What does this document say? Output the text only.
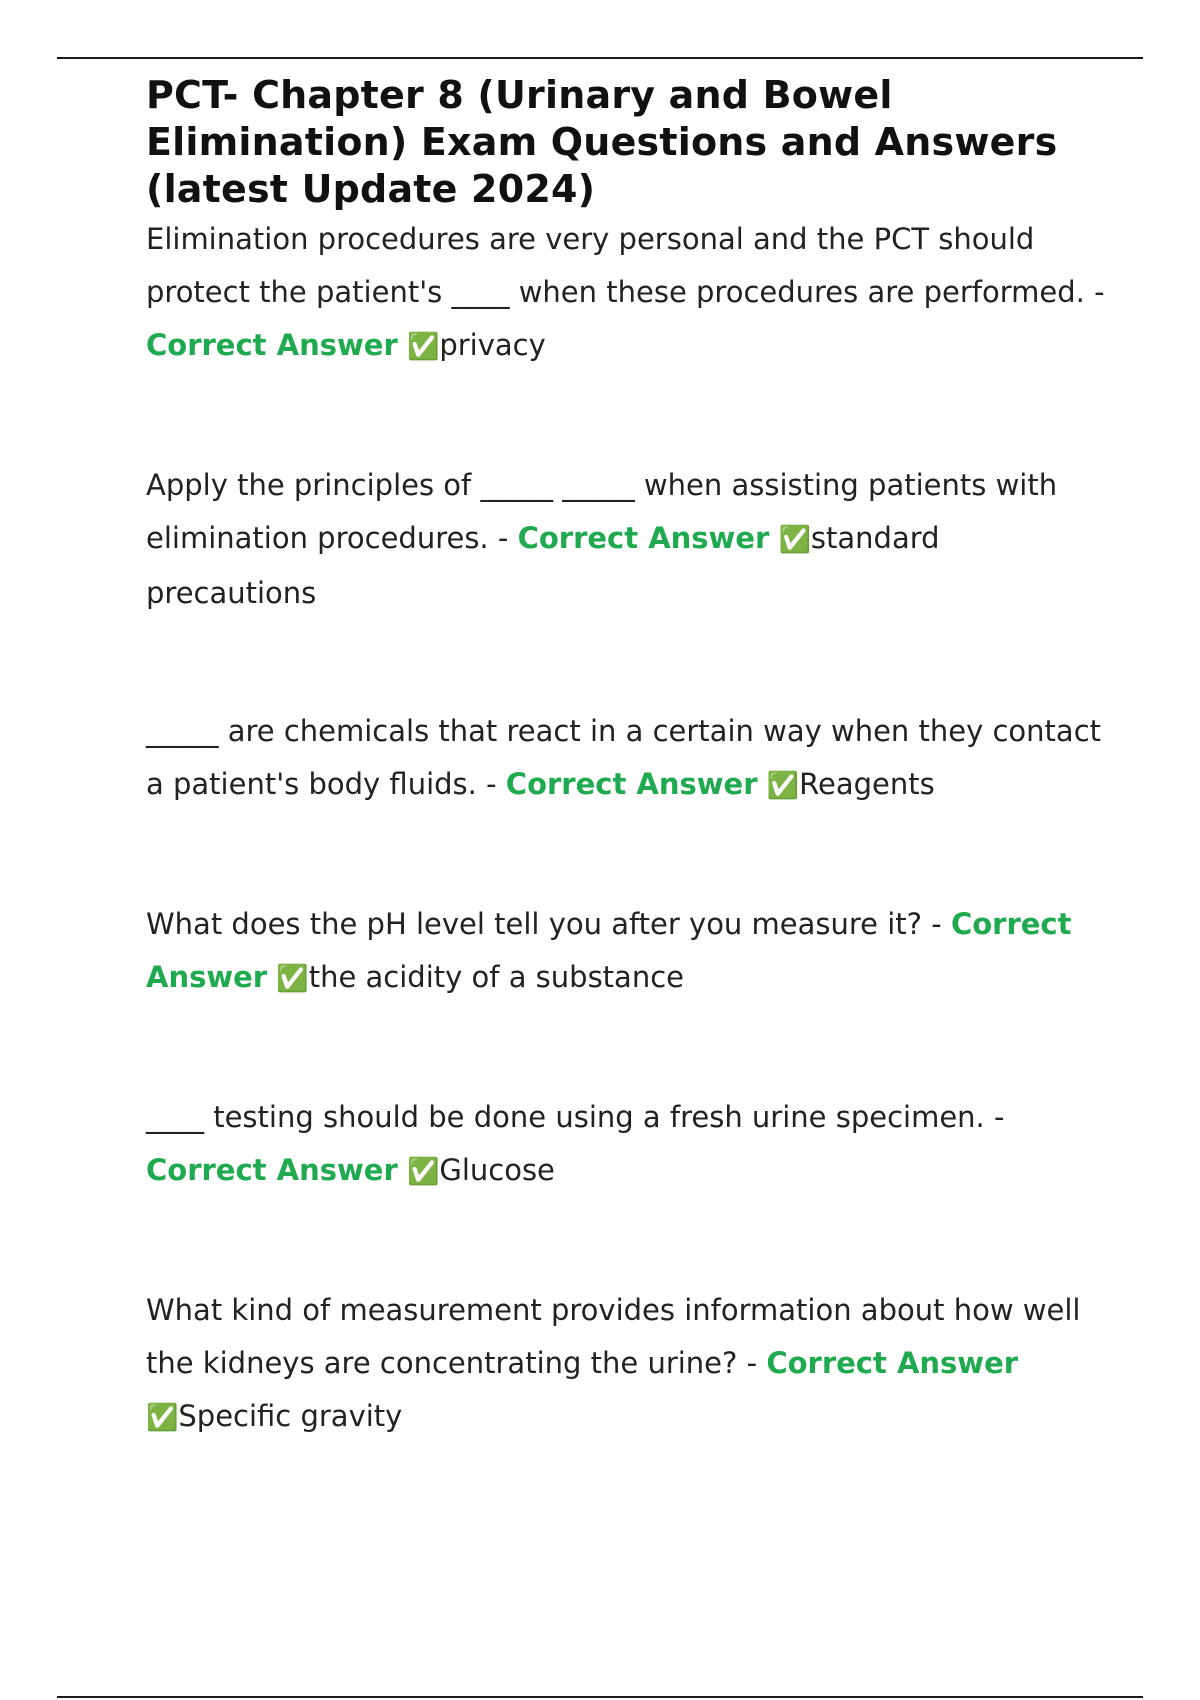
PCT- Chapter 8 (Urinary and Bowel Elimination) Exam Questions and Answers (latest Update 2024)

Elimination procedures are very personal and the PCT should protect the patient's ____ when these procedures are performed. - Correct Answer ✅privacy

Apply the principles of _____ _____ when assisting patients with elimination procedures. - Correct Answer ✅standard precautions

_____ are chemicals that react in a certain way when they contact a patient's body fluids. - Correct Answer ✅Reagents

What does the pH level tell you after you measure it? - Correct Answer ✅the acidity of a substance

____ testing should be done using a fresh urine specimen. - Correct Answer ✅Glucose

What kind of measurement provides information about how well the kidneys are concentrating the urine? - Correct Answer ✅Specific gravity
